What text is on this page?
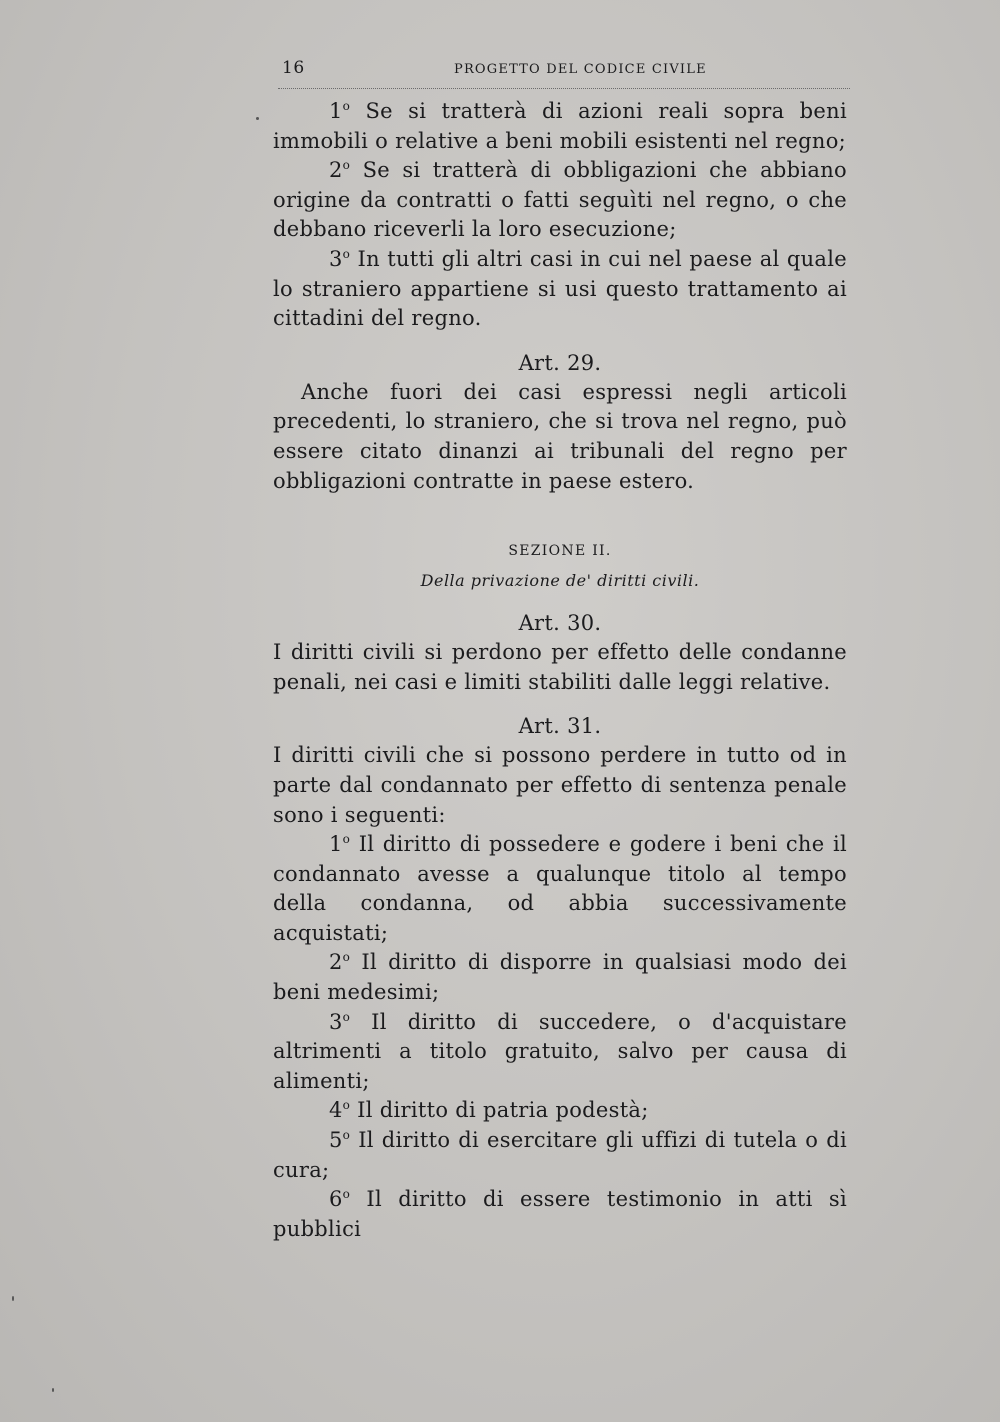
16	PROGETTO DEL CODICE CIVILE

1$^o$ Se si tratterà di azioni reali sopra beni immobili o relative a beni mobili esistenti nel regno;

2$^o$ Se si tratterà di obbligazioni che abbiano origine da contratti o fatti seguìti nel regno, o che debbano riceverli la loro esecuzione;

3$^o$ In tutti gli altri casi in cui nel paese al quale lo straniero appartiene si usi questo trattamento ai cittadini del regno.

Art. 29.

Anche fuori dei casi espressi negli articoli precedenti, lo straniero, che si trova nel regno, può essere citato dinanzi ai tribunali del regno per obbligazioni contratte in paese estero.

SEZIONE II.
Della privazione de' diritti civili.
Art. 30.

I diritti civili si perdono per effetto delle condanne penali, nei casi e limiti stabiliti dalle leggi relative.

Art. 31.

I diritti civili che si possono perdere in tutto od in parte dal condannato per effetto di sentenza penale sono i seguenti:

1$^o$ Il diritto di possedere e godere i beni che il condannato avesse a qualunque titolo al tempo della condanna, od abbia successivamente acquistati;

2$^o$ Il diritto di disporre in qualsiasi modo dei beni medesimi;

3$^o$ Il diritto di succedere, o d'acquistare altrimenti a titolo gratuito, salvo per causa di alimenti;

4$^o$ Il diritto di patria podestà;

5$^o$ Il diritto di esercitare gli uffizi di tutela o di cura;

6$^o$ Il diritto di essere testimonio in atti sì pubblici
